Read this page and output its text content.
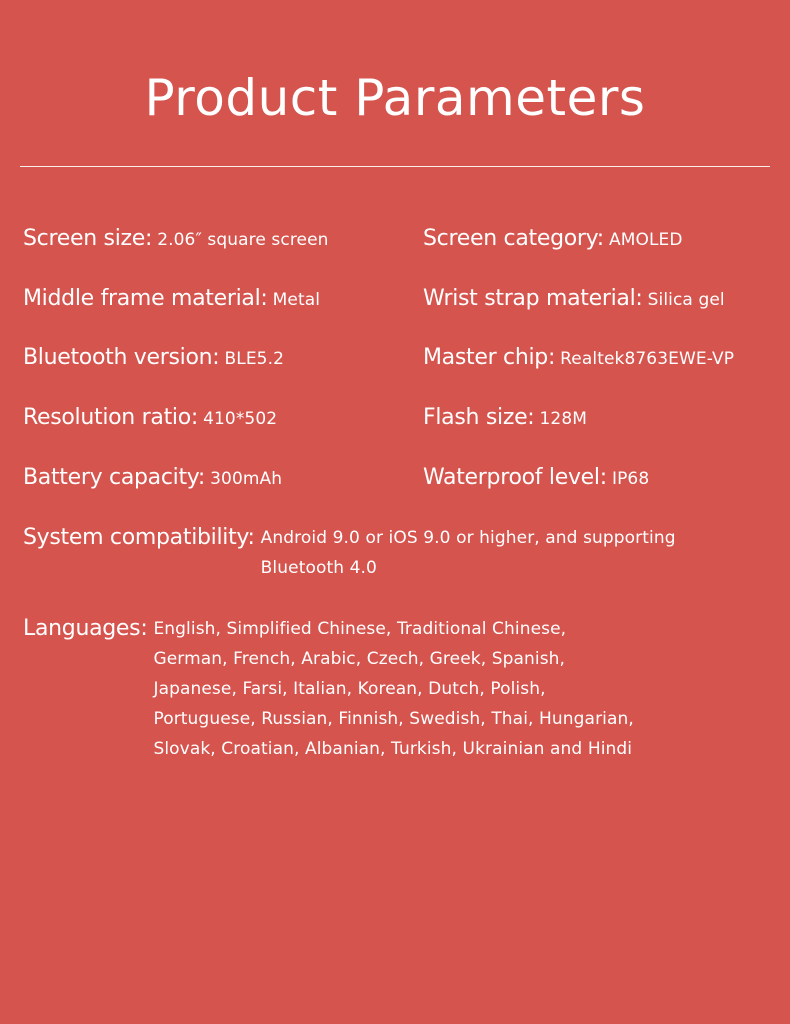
Product Parameters
Screen size: 2.06″ square screen	Screen category: AMOLED
Middle frame material: Metal	Wrist strap material: Silica gel
Bluetooth version: BLE5.2	Master chip: Realtek8763EWE-VP
Resolution ratio: 410*502	Flash size: 128M
Battery capacity: 300mAh	Waterproof level: IP68
System compatibility: Android 9.0 or iOS 9.0 or higher, and supporting
Bluetooth 4.0
Languages: English, Simplified Chinese, Traditional Chinese,
German, French, Arabic, Czech, Greek, Spanish,
Japanese, Farsi, Italian, Korean, Dutch, Polish,
Portuguese, Russian, Finnish, Swedish, Thai, Hungarian,
Slovak, Croatian, Albanian, Turkish, Ukrainian and Hindi
